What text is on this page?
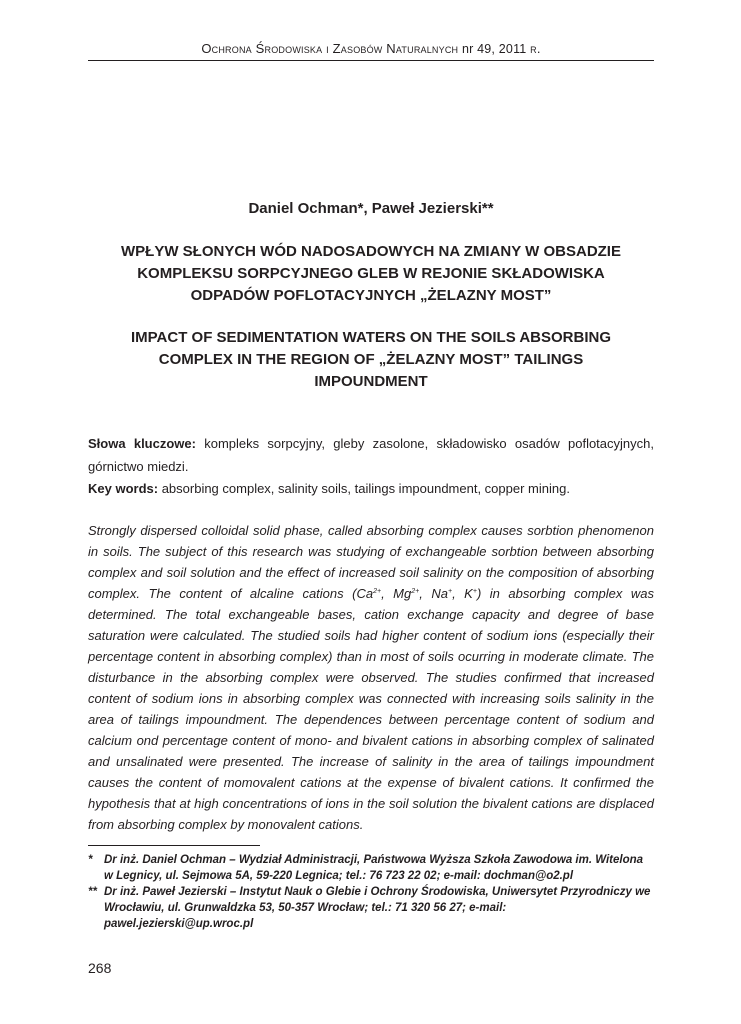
Ochrona Środowiska i Zasobów Naturalnych nr 49, 2011 r.
Daniel Ochman*, Paweł Jezierski**
WPŁYW SŁONYCH WÓD NADOSADOWYCH NA ZMIANY W OBSADZIE
KOMPLEKSU SORPCYJNEGO GLEB W REJONIE SKŁADOWISKA
ODPADÓW POFLOTACYJNYCH „ŻELAZNY MOST”
IMPACT OF SEDIMENTATION WATERS ON THE SOILS ABSORBING
COMPLEX IN THE REGION OF „ŻELAZNY MOST” TAILINGS
IMPOUNDMENT

Słowa kluczowe: kompleks sorpcyjny, gleby zasolone, składowisko osadów poflotacyjnych, górnictwo miedzi.

Key words: absorbing complex, salinity soils, tailings impoundment, copper mining.

Strongly dispersed colloidal solid phase, called absorbing complex causes sorbtion phenomenon in soils. The subject of this research was studying of exchangeable sorbtion between absorbing complex and soil solution and the effect of increased soil salinity on the composition of absorbing complex. The content of alcaline cations ($Ca^{2+}$, $Mg^{2+}$, Na+, K+) in absorbing complex was determined. The total exchangeable bases, cation exchange capacity and degree of base saturation were calculated. The studied soils had higher content of sodium ions (especially their percentage content in absorbing complex) than in most of soils ocurring in moderate climate. The disturbance in the absorbing complex were observed. The studies confirmed that increased content of sodium ions in absorbing complex was connected with increasing soils salinity in the area of tailings impoundment. The dependences between percentage content of sodium and calcium ond percentage content of mono- and bivalent cations in absorbing complex of salinated and unsalinated were presented. The increase of salinity in the area of tailings impoundment causes the content of momovalent cations at the expense of bivalent cations. It confirmed the hypothesis that at high concentrations of ions in the soil solution the bivalent cations are displaced from absorbing complex by monovalent cations.

* Dr inż. Daniel Ochman – Wydział Administracji, Państwowa Wyższa Szkoła Zawodowa im. Witelona w Legnicy, ul. Sejmowa 5A, 59-220 Legnica; tel.: 76 723 22 02; e-mail: dochman@o2.pl

** Dr inż. Paweł Jezierski – Instytut Nauk o Glebie i Ochrony Środowiska, Uniwersytet Przyrodniczy we Wrocławiu, ul. Grunwaldzka 53, 50-357 Wrocław; tel.: 71 320 56 27; e-mail: pawel.jezierski@up.wroc.pl

268
